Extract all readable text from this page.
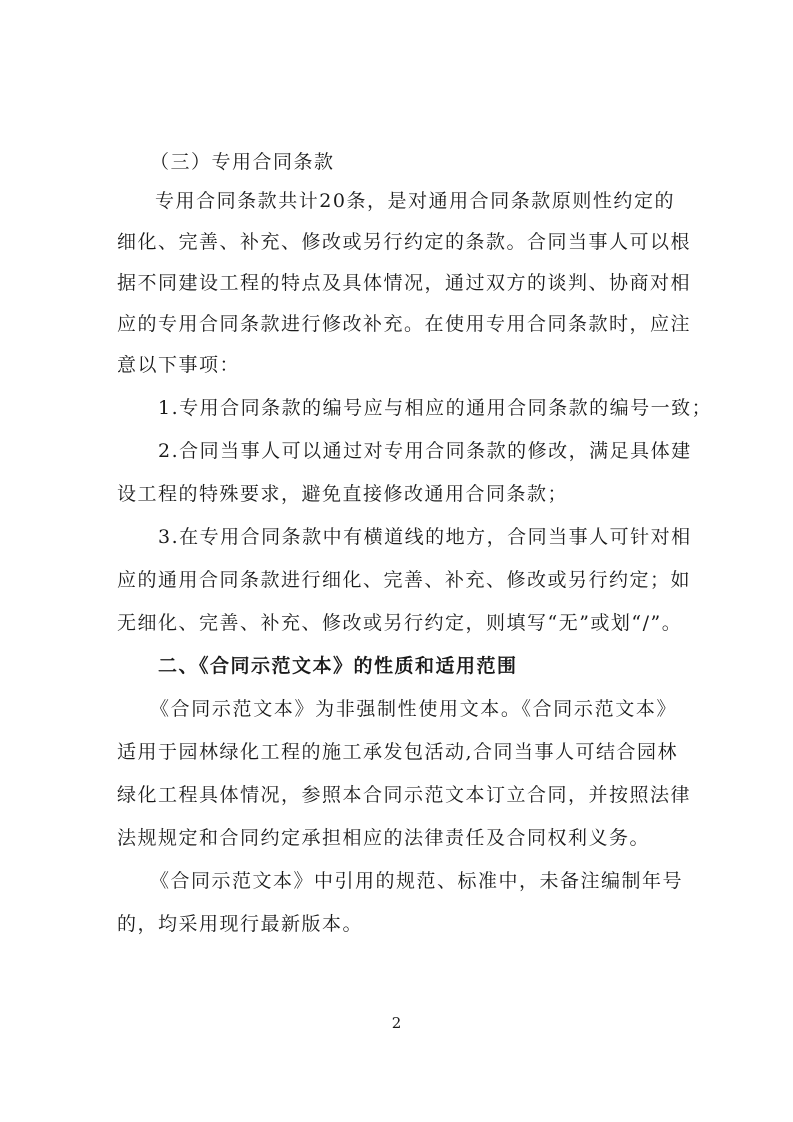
（三）专用合同条款
专用合同条款共计20条，是对通用合同条款原则性约定的
细化、完善、补充、修改或另行约定的条款。合同当事人可以根
据不同建设工程的特点及具体情况，通过双方的谈判、协商对相
应的专用合同条款进行修改补充。在使用专用合同条款时，应注
意以下事项：
1.专用合同条款的编号应与相应的通用合同条款的编号一致；
2.合同当事人可以通过对专用合同条款的修改，满足具体建
设工程的特殊要求，避免直接修改通用合同条款；
3.在专用合同条款中有横道线的地方，合同当事人可针对相
应的通用合同条款进行细化、完善、补充、修改或另行约定；如
无细化、完善、补充、修改或另行约定，则填写“无”或划“/”。
二、《合同示范文本》的性质和适用范围
《合同示范文本》为非强制性使用文本。《合同示范文本》
适用于园林绿化工程的施工承发包活动,合同当事人可结合园林
绿化工程具体情况，参照本合同示范文本订立合同，并按照法律
法规规定和合同约定承担相应的法律责任及合同权利义务。
《合同示范文本》中引用的规范、标准中，未备注编制年号
的，均采用现行最新版本。
2
